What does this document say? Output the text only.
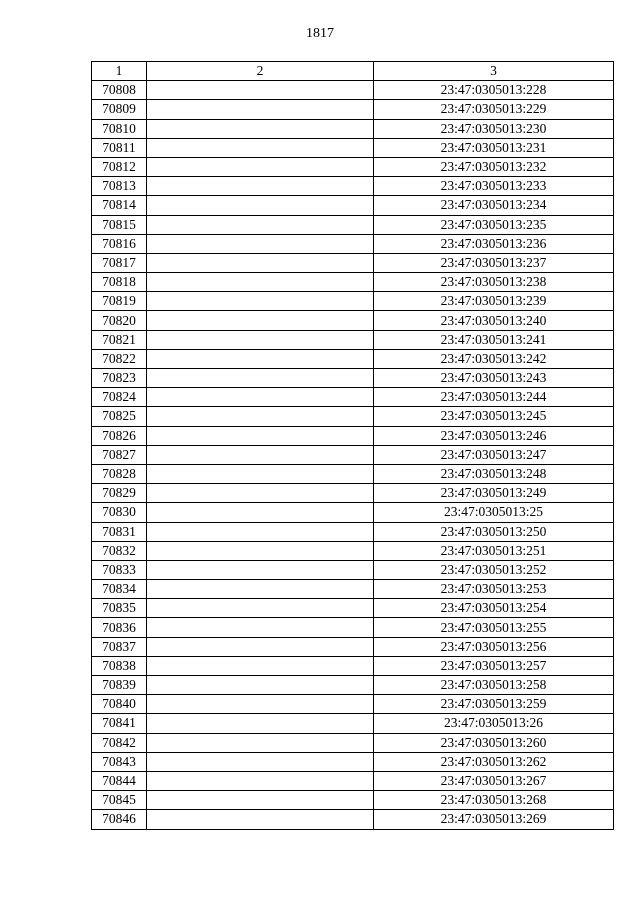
1817
1	2	3
70808		23:47:0305013:228
70809		23:47:0305013:229
70810		23:47:0305013:230
70811		23:47:0305013:231
70812		23:47:0305013:232
70813		23:47:0305013:233
70814		23:47:0305013:234
70815		23:47:0305013:235
70816		23:47:0305013:236
70817		23:47:0305013:237
70818		23:47:0305013:238
70819		23:47:0305013:239
70820		23:47:0305013:240
70821		23:47:0305013:241
70822		23:47:0305013:242
70823		23:47:0305013:243
70824		23:47:0305013:244
70825		23:47:0305013:245
70826		23:47:0305013:246
70827		23:47:0305013:247
70828		23:47:0305013:248
70829		23:47:0305013:249
70830		23:47:0305013:25
70831		23:47:0305013:250
70832		23:47:0305013:251
70833		23:47:0305013:252
70834		23:47:0305013:253
70835		23:47:0305013:254
70836		23:47:0305013:255
70837		23:47:0305013:256
70838		23:47:0305013:257
70839		23:47:0305013:258
70840		23:47:0305013:259
70841		23:47:0305013:26
70842		23:47:0305013:260
70843		23:47:0305013:262
70844		23:47:0305013:267
70845		23:47:0305013:268
70846		23:47:0305013:269
